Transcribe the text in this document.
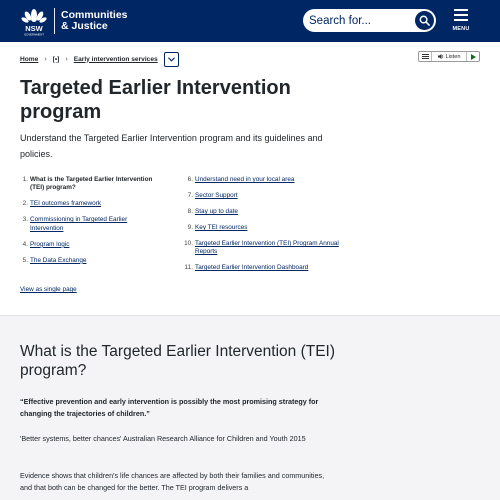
NSW
GOVERNMENT
Communities
& Justice
Search for...	MENU
Home › [•] › Early intervention services	Listen
Targeted Earlier Intervention program

Understand the Targeted Earlier Intervention program and its guidelines and policies.

1. What is the Targeted Earlier Intervention (TEI) program?
2. TEI outcomes framework
3. Commissioning in Targeted Earlier Intervention
4. Program logic
5. The Data Exchange
6. Understand need in your local area
7. Sector Support
8. Stay up to date
9. Key TEI resources
10. Targeted Earlier Intervention (TEI) Program Annual Reports
11. Targeted Earlier Intervention Dashboard
View as single page
What is the Targeted Earlier Intervention (TEI) program?

“Effective prevention and early intervention is possibly the most promising strategy for changing the trajectories of children.”

'Better systems, better chances' Australian Research Alliance for Children and Youth 2015

Evidence shows that children's life chances are affected by both their families and communities, and that both can be changed for the better. The TEI program delivers a
